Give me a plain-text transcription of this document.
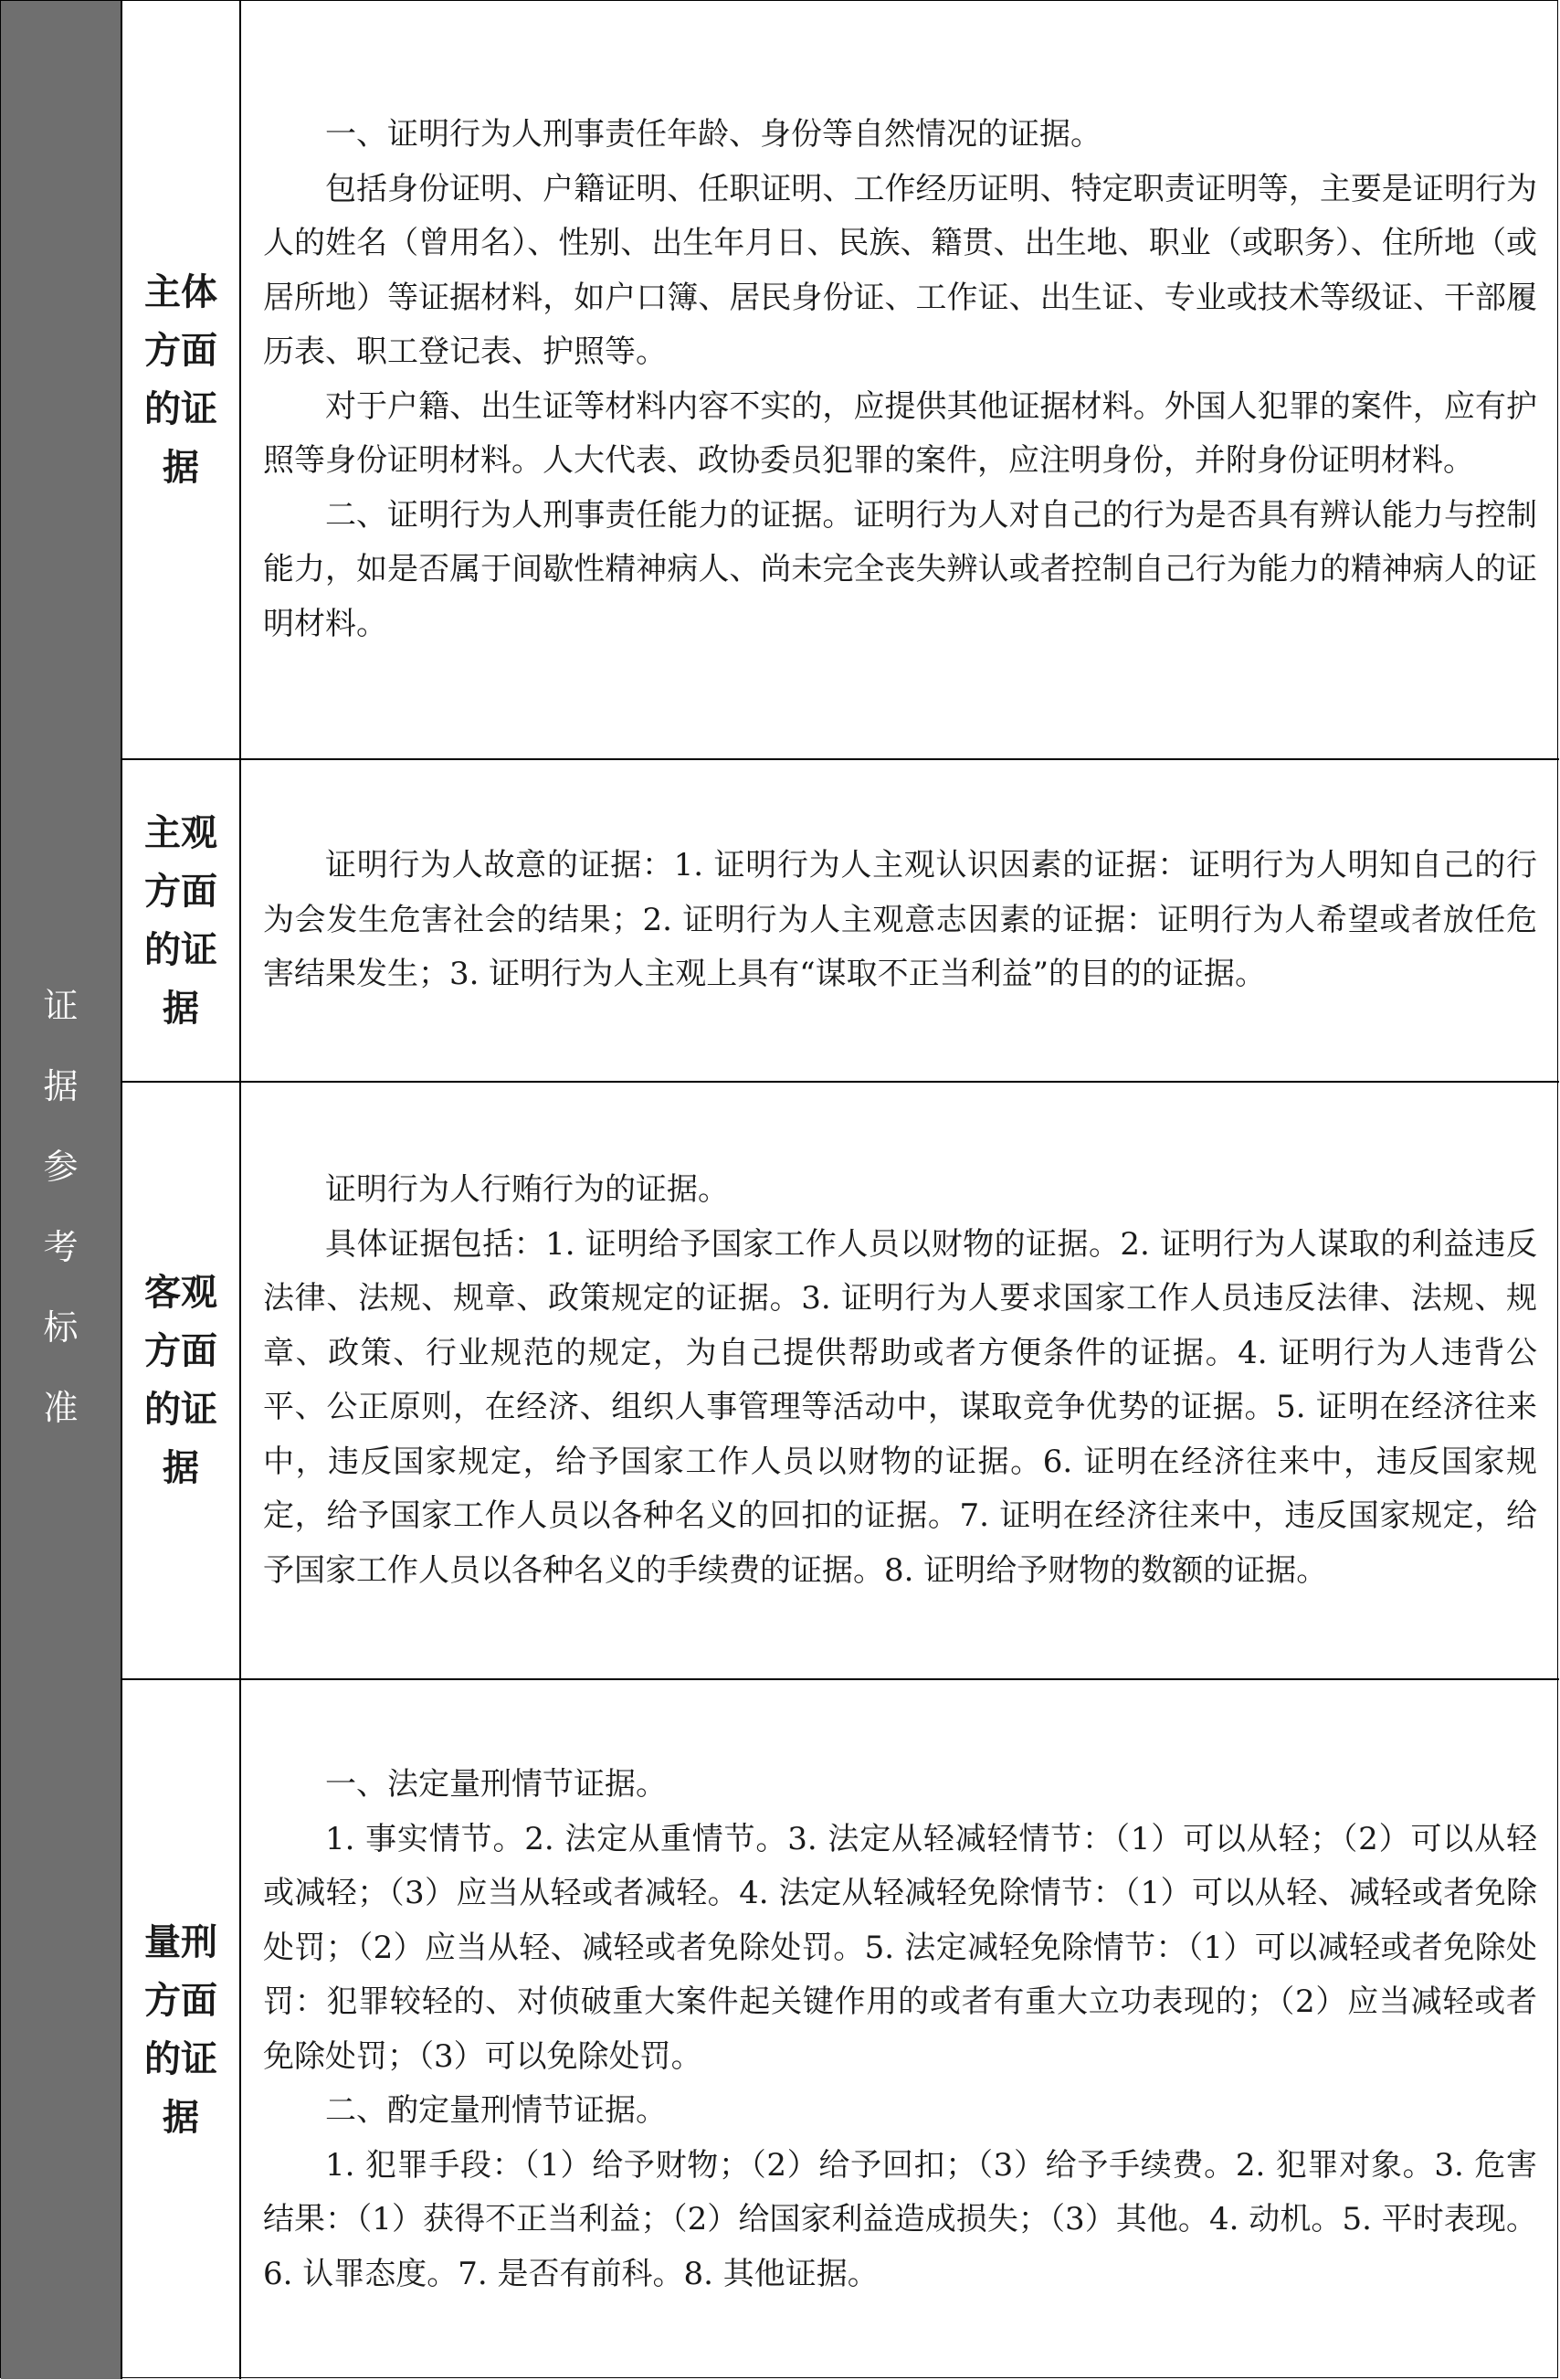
证据参考标准
主体方面的证据

一、证明行为人刑事责任年龄、身份等自然情况的证据。

包括身份证明、户籍证明、任职证明、工作经历证明、特定职责证明等，主要是证明行为人的姓名（曾用名）、性别、出生年月日、民族、籍贯、出生地、职业（或职务）、住所地（或居所地）等证据材料，如户口簿、居民身份证、工作证、出生证、专业或技术等级证、干部履历表、职工登记表、护照等。

对于户籍、出生证等材料内容不实的，应提供其他证据材料。外国人犯罪的案件，应有护照等身份证明材料。人大代表、政协委员犯罪的案件，应注明身份，并附身份证明材料。

二、证明行为人刑事责任能力的证据。证明行为人对自己的行为是否具有辨认能力与控制能力，如是否属于间歇性精神病人、尚未完全丧失辨认或者控制自己行为能力的精神病人的证明材料。

主观方面的证据

证明行为人故意的证据：1. 证明行为人主观认识因素的证据：证明行为人明知自己的行为会发生危害社会的结果；2. 证明行为人主观意志因素的证据：证明行为人希望或者放任危害结果发生；3. 证明行为人主观上具有“谋取不正当利益”的目的的证据。

客观方面的证据

证明行为人行贿行为的证据。

具体证据包括：1. 证明给予国家工作人员以财物的证据。2. 证明行为人谋取的利益违反法律、法规、规章、政策规定的证据。3. 证明行为人要求国家工作人员违反法律、法规、规章、政策、行业规范的规定，为自己提供帮助或者方便条件的证据。4. 证明行为人违背公平、公正原则，在经济、组织人事管理等活动中，谋取竞争优势的证据。5. 证明在经济往来中，违反国家规定，给予国家工作人员以财物的证据。6. 证明在经济往来中，违反国家规定，给予国家工作人员以各种名义的回扣的证据。7. 证明在经济往来中，违反国家规定，给予国家工作人员以各种名义的手续费的证据。8. 证明给予财物的数额的证据。

量刑方面的证据

一、法定量刑情节证据。

1. 事实情节。2. 法定从重情节。3. 法定从轻减轻情节：（1）可以从轻；（2）可以从轻或减轻；（3）应当从轻或者减轻。4. 法定从轻减轻免除情节：（1）可以从轻、减轻或者免除处罚；（2）应当从轻、减轻或者免除处罚。5. 法定减轻免除情节：（1）可以减轻或者免除处罚：犯罪较轻的、对侦破重大案件起关键作用的或者有重大立功表现的；（2）应当减轻或者免除处罚；（3）可以免除处罚。

二、酌定量刑情节证据。

1. 犯罪手段：（1）给予财物；（2）给予回扣；（3）给予手续费。2. 犯罪对象。3. 危害结果：（1）获得不正当利益；（2）给国家利益造成损失；（3）其他。4. 动机。5. 平时表现。6. 认罪态度。7. 是否有前科。8. 其他证据。
